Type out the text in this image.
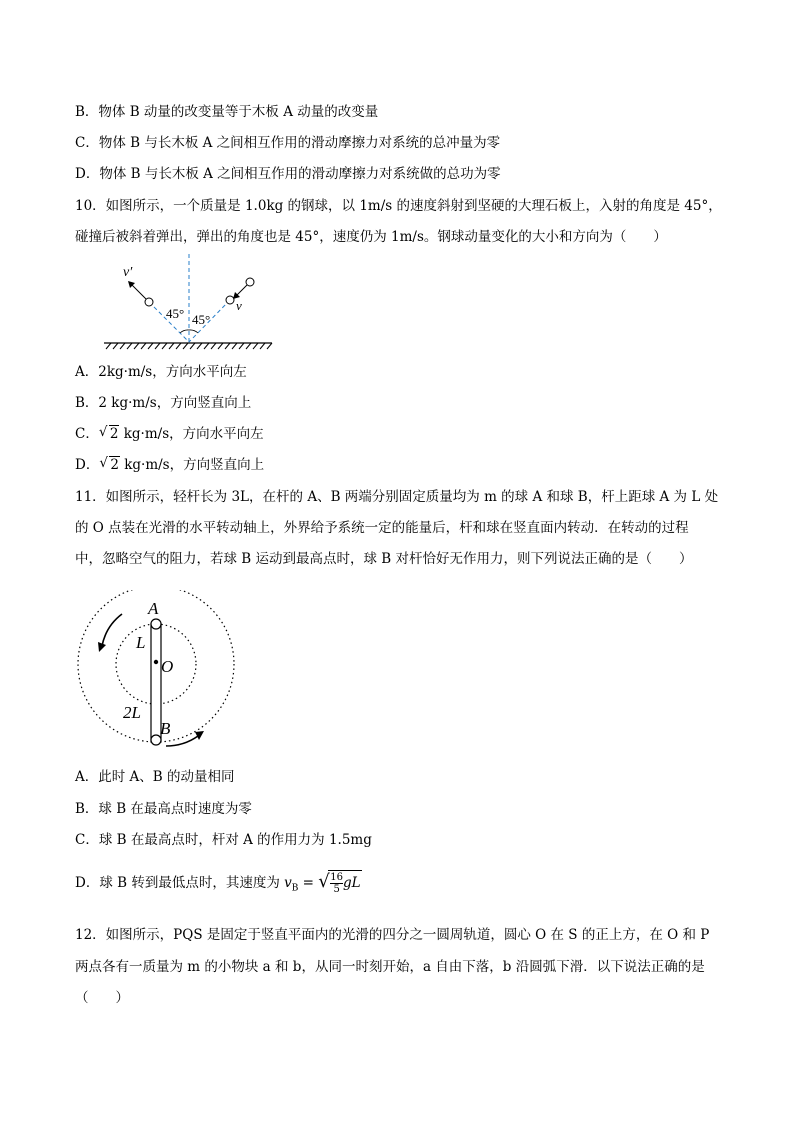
B．物体 B 动量的改变量等于木板 A 动量的改变量
C．物体 B 与长木板 A 之间相互作用的滑动摩擦力对系统的总冲量为零
D．物体 B 与长木板 A 之间相互作用的滑动摩擦力对系统做的总功为零
10．如图所示，一个质量是 1.0kg 的钢球，以 1m/s 的速度斜射到坚硬的大理石板上，入射的角度是 45°，
碰撞后被斜着弹出，弹出的角度也是 45°，速度仍为 1m/s。钢球动量变化的大小和方向为（　　）
v′
v
45° 45°
A．2kg·m/s，方向水平向左
B．2 kg·m/s，方向竖直向上
C． √ 2 kg·m/s，方向水平向左
D． √ 2 kg·m/s，方向竖直向上
11．如图所示，轻杆长为 3L，在杆的 A、B 两端分别固定质量均为 m 的球 A 和球 B，杆上距球 A 为 L 处
的 O 点装在光滑的水平转动轴上，外界给予系统一定的能量后，杆和球在竖直面内转动．在转动的过程
中，忽略空气的阻力，若球 B 运动到最高点时，球 B 对杆恰好无作用力，则下列说法正确的是（　　）
A
L
O
2L
B
A．此时 A、B 的动量相同
B．球 B 在最高点时速度为零
C．球 B 在最高点时，杆对 A 的作用力为 1.5mg
D．球 B 转到最低点时，其速度为 $v_B$ = √ $\frac{16}{5}$ gL
12．如图所示，PQS 是固定于竖直平面内的光滑的四分之一圆周轨道，圆心 O 在 S 的正上方，在 O 和 P
两点各有一质量为 m 的小物块 a 和 b，从同一时刻开始，a 自由下落，b 沿圆弧下滑．以下说法正确的是
（　　）
